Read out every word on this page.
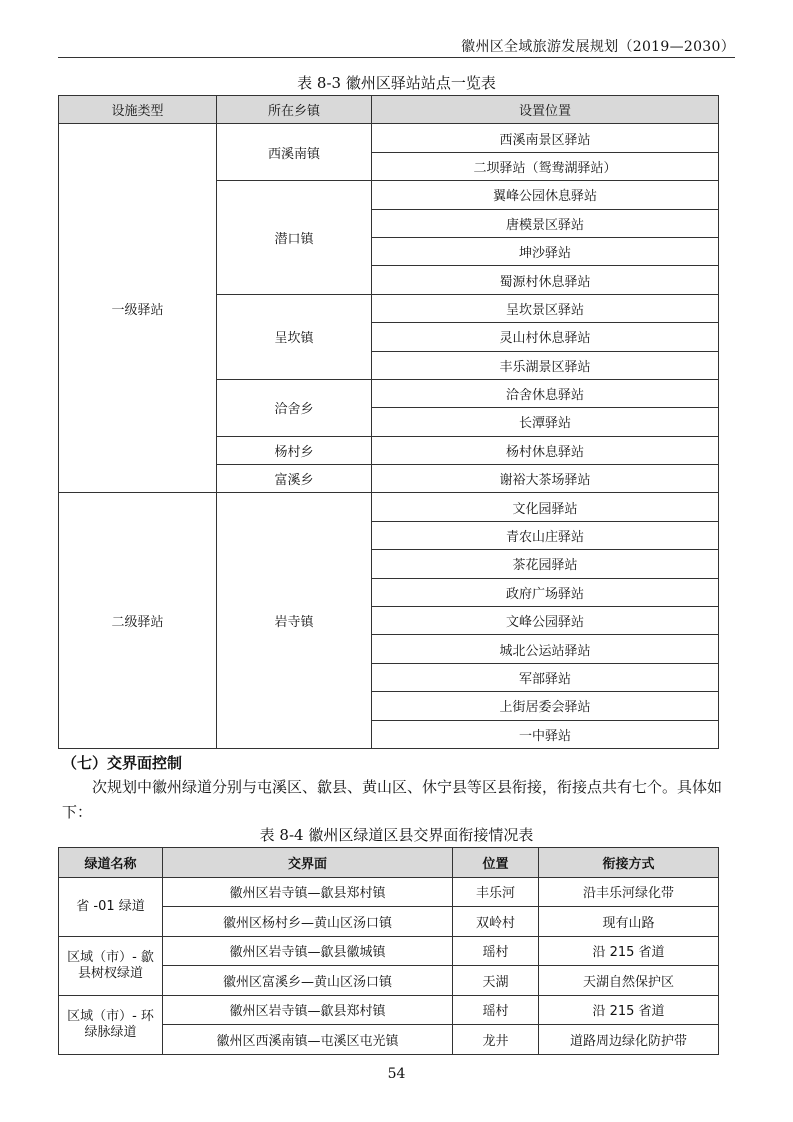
徽州区全域旅游发展规划（2019—2030）
表 8-3 徽州区驿站站点一览表
设施类型	所在乡镇	设置位置
一级驿站	西溪南镇	西溪南景区驿站
		二坝驿站（鸳鸯湖驿站）
	潜口镇	翼峰公园休息驿站
		唐模景区驿站
		坤沙驿站
		蜀源村休息驿站
	呈坎镇	呈坎景区驿站
		灵山村休息驿站
		丰乐湖景区驿站
	洽舍乡	洽舍休息驿站
		长潭驿站
	杨村乡	杨村休息驿站
	富溪乡	谢裕大茶场驿站
二级驿站	岩寺镇	文化园驿站
		青农山庄驿站
		茶花园驿站
		政府广场驿站
		文峰公园驿站
		城北公运站驿站
		军部驿站
		上街居委会驿站
		一中驿站
（七）交界面控制
次规划中徽州绿道分别与屯溪区、歙县、黄山区、休宁县等区县衔接，衔接点共有七个。具体如下：
表 8-4 徽州区绿道区县交界面衔接情况表
绿道名称	交界面	位置	衔接方式
省 -01 绿道	徽州区岩寺镇—歙县郑村镇	丰乐河	沿丰乐河绿化带
	徽州区杨村乡—黄山区汤口镇	双岭村	现有山路
区域（市）- 歙县树杈绿道	徽州区岩寺镇—歙县徽城镇	瑶村	沿 215 省道
	徽州区富溪乡—黄山区汤口镇	天湖	天湖自然保护区
区域（市）- 环绿脉绿道	徽州区岩寺镇—歙县郑村镇	瑶村	沿 215 省道
	徽州区西溪南镇—屯溪区屯光镇	龙井	道路周边绿化防护带
54
